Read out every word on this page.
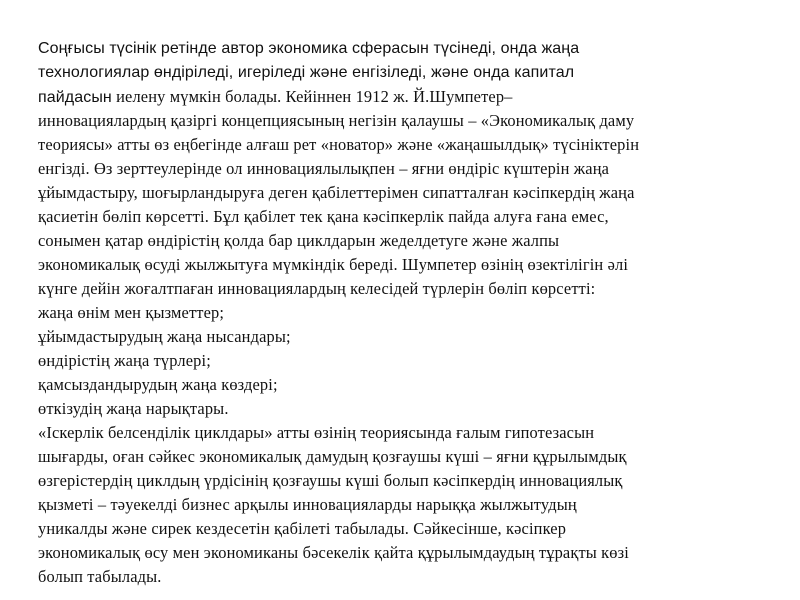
Соңғысы түсінік ретінде автор экономика сферасын түсінеді, онда жаңа
технологиялар өндіріледі, игеріледі және енгізіледі, және онда капитал
пайдасын иелену мүмкін болады. Кейіннен 1912 ж. Й.Шумпетер–
инновациялардың қазіргі концепциясының негізін қалаушы – «Экономикалық даму
теориясы» атты өз еңбегінде алғаш рет «новатор» және «жаңашылдық» түсініктерін
енгізді. Өз зерттеулерінде ол инновациялылықпен – яғни өндіріс күштерін жаңа
ұйымдастыру, шоғырландыруға деген қабілеттерімен сипатталған кәсіпкердің жаңа
қасиетін бөліп көрсетті. Бұл қабілет тек қана кәсіпкерлік пайда алуға ғана емес,
сонымен қатар өндірістің қолда бар циклдарын жеделдетуге және жалпы
экономикалық өсуді жылжытуға мүмкіндік береді. Шумпетер өзінің өзектілігін әлі
күнге дейін жоғалтпаған инновациялардың келесідей түрлерін бөліп көрсетті:
жаңа өнім мен қызметтер;
ұйымдастырудың жаңа нысандары;
өндірістің жаңа түрлері;
қамсыздандырудың жаңа көздері;
өткізудің жаңа нарықтары.
«Іскерлік белсенділік циклдары» атты өзінің теориясында ғалым гипотезасын
шығарды, оған сәйкес экономикалық дамудың қозғаушы күші – яғни құрылымдық
өзгерістердің циклдың үрдісінің қозғаушы күші болып кәсіпкердің инновациялық
қызметі – тәуекелді бизнес арқылы инновацияларды нарыққа жылжытудың
уникалды және сирек кездесетін қабілеті табылады. Сәйкесінше, кәсіпкер
экономикалық өсу мен экономиканы бәсекелік қайта құрылымдаудың тұрақты көзі
болып табылады.
